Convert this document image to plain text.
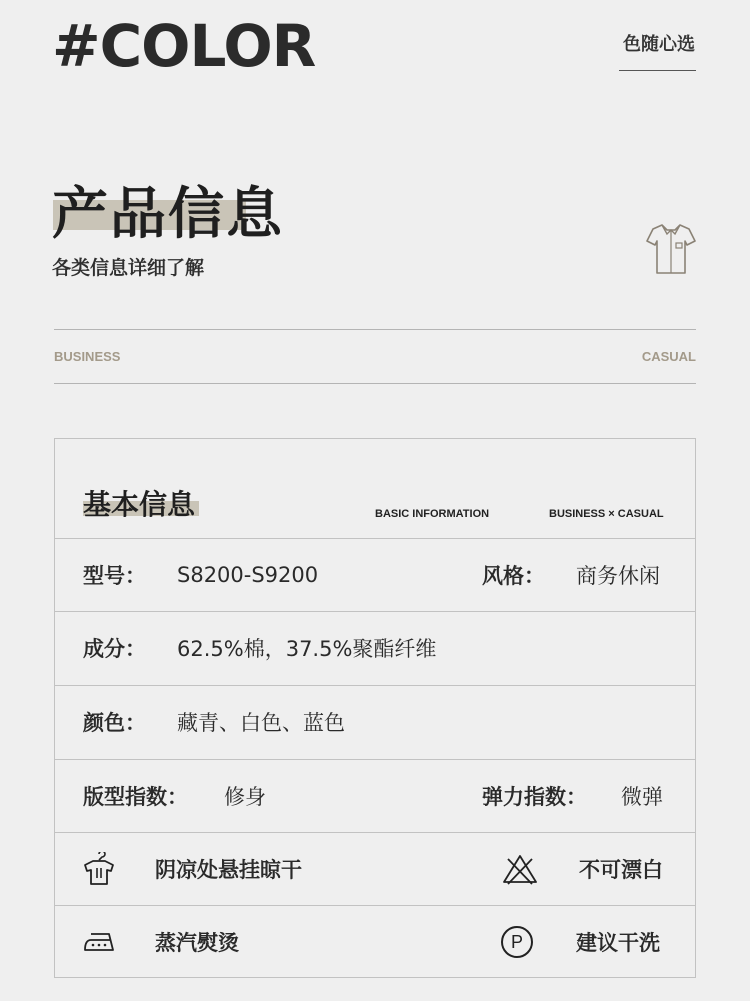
#COLOR	色随心选
产品信息
各类信息详细了解
BUSINESS	CASUAL
基本信息	BASIC INFORMATION	BUSINESS × CASUAL
型号： S8200-S9200	风格： 商务休闲
成分： 62.5%棉，37.5%聚酯纤维
颜色： 藏青、白色、蓝色
版型指数： 修身	弹力指数： 微弹
阴凉处悬挂晾干	不可漂白
蒸汽熨烫	P	建议干洗
